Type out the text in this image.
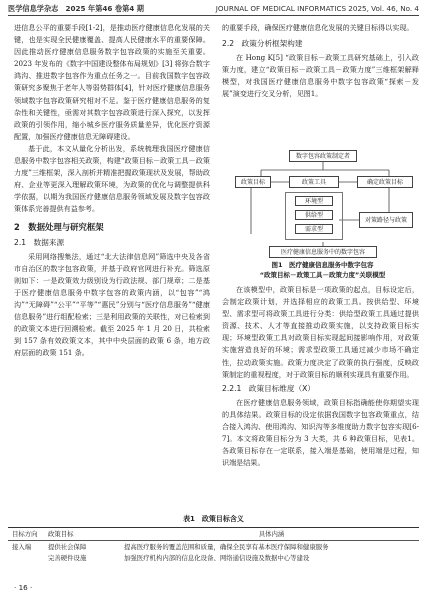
医学信息学杂志　2025 年第46 卷第4 期	JOURNAL OF MEDICAL INFORMATICS 2025, Vol. 46, No. 4

进信息公平的重要手段[1-2]，是推动医疗健康信息化发展的关键，也是实现全民健康覆盖、提高人民健康水平的重要保障。因此推动医疗健康信息服务数字包容政策的实施至关重要。2023 年发布的《数字中国建设整体布局规划》[3] 将弥合数字鸿沟、推进数字包容作为重点任务之一。目前我国数字包容政策研究多聚焦于老年人等弱势群体[4]，针对医疗健康信息服务领域数字包容政策研究相对不足。鉴于医疗健康信息服务的复杂性和关键性，亟需对其数字包容政策进行深入探究，以发挥政策的引领作用，缩小城乡医疗服务质量差异，优化医疗资源配置，加强医疗健康信息无障碍建设。

基于此，本文从量化分析出发，系统梳理我国医疗健康信息服务中数字包容相关政策，构建“政策目标－政策工具－政策力度”三维框架，深入剖析并精准把握政策现状及发展，帮助政府、企业等更深入理解政策环境，为政策的优化与调整提供科学依据，以期为我国医疗健康信息服务领域发展及数字包容政策体系完善提供有益参考。

2　数据处理与研究框架
2.1　数据来源

采用网络搜集法，通过“北大法律信息网”筛选中央及各省市自治区的数字包容政策，并基于政府官网进行补充。筛选原则如下：一是政策效力级别设为行政法规、部门规章；二是基于医疗健康信息服务中数字包容的政策内涵，以“包容”“鸿沟”“无障碍”“公平”“平等”“惠民”分别与“医疗信息服务”“健康信息服务”进行组配检索；三是利用政策的关联性，对已检索到的政策文本进行回溯检索。截至 2025 年 1 月 20 日，共检索到 157 条有效政策文本，其中中央层面的政策 6 条，地方政府层面的政策 151 条。

的重要手段，确保医疗健康信息化发展的关键目标得以实现。

2.2　政策分析框架构建

在 Hong K[5] “政策目标－政策工具研究基础上，引入政策力度，建立“政策目标－政策工具－政策力度”三维框架解释模型，对我国医疗健康信息服务中数字包容政策“探索－发展”演变进行交叉分析，见图1。

数字包容政策制定者
政策目标	政策工具	确定政策目标
环境型
供给型
需求型
对策路径与政策
医疗健康信息服务中的数字包容
图1　医疗健康信息服务中数字包容
“政策目标－政策工具－政策力度”关联模型

在该模型中，政策目标是一项政策的起点，目标设定后，会制定政策计划，并选择相应的政策工具。按供给型、环境型、需求型可将政策工具进行分类：供给型政策工具通过提供资源、技术、人才等直接推动政策实施，以支持政策目标实现；环境型政策工具对政策目标实现起间接影响作用，对政策实施营造良好的环境；需求型政策工具通过减少市场不确定性，拉动政策实施。政策力度决定了政策的执行强度，反映政策制定的重视程度，对于政策目标的顺利实现具有重要作用。

2.2.1　政策目标维度（X）

在医疗健康信息服务领域，政策目标指确能使你期望实现的具体结果。政策目标的设定依据我国数字包容政策重点，结合接入鸿沟、使用鸿沟、知识沟等多维度助力数字包容实现[6-7]。本文将政策目标分为 3 大类，共 6 种政策目标，见表1。各政策目标存在一定联系，接入端是基础，使用端是过程，知识端是结果。

表1　政策目标含义
目标方向	政策目标	具体内涵
接入端	提供社会保障	提高医疗服务的覆盖范围和质量，确保全民享有基本医疗保障和健康服务
完善硬件设施	加强医疗机构内部的信息化设备、网络通信设施及数据中心等建设
· 16 ·
